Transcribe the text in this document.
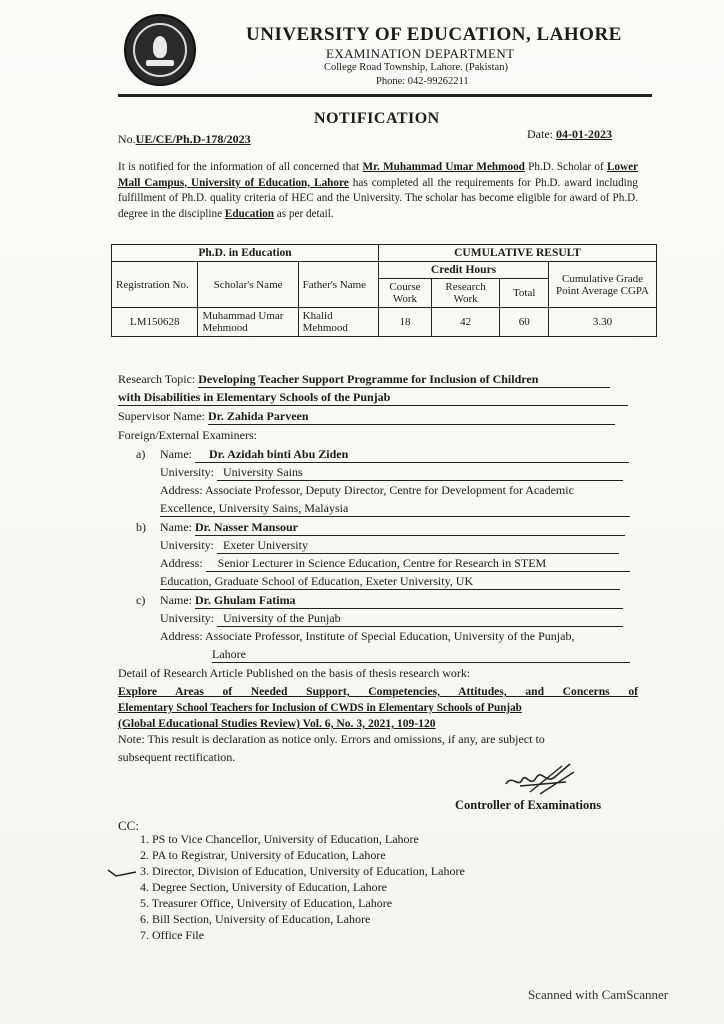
UNIVERSITY OF EDUCATION, LAHORE
EXAMINATION DEPARTMENT
College Road Township, Lahore. (Pakistan)
Phone: 042-99262211
NOTIFICATION
No.UE/CE/Ph.D-178/2023	Date: 04-01-2023
It is notified for the information of all concerned that Mr. Muhammad Umar Mehmood Ph.D. Scholar of Lower Mall Campus, University of Education, Lahore has completed all the requirements for Ph.D. award including fulfillment of Ph.D. quality criteria of HEC and the University. The scholar has become eligible for award of Ph.D. degree in the discipline Education as per detail.
Ph.D. in Education			CUMULATIVE RESULT			
Registration No.	Scholar's Name	Father's Name	Credit Hours			Cumulative Grade Point Average CGPA
			Course Work	Research Work	Total	
LM150628	Muhammad Umar Mehmood	Khalid Mehmood	18	42	60	3.30
Research Topic: Developing Teacher Support Programme for Inclusion of Children
with Disabilities in Elementary Schools of the Punjab
Supervisor Name: Dr. Zahida Parveen
Foreign/External Examiners:
a) Name: Dr. Azidah binti Abu Ziden
University: University Sains
Address: Associate Professor, Deputy Director, Centre for Development for Academic
Excellence, University Sains, Malaysia
b) Name: Dr. Nasser Mansour
University: Exeter University
Address: Senior Lecturer in Science Education, Centre for Research in STEM
Education, Graduate School of Education, Exeter University, UK
c) Name: Dr. Ghulam Fatima
University: University of the Punjab
Address: Associate Professor, Institute of Special Education, University of the Punjab,
Lahore
Detail of Research Article Published on the basis of thesis research work:
Explore Areas of Needed Support, Competencies, Attitudes, and Concerns of
Elementary School Teachers for Inclusion of CWDS in Elementary Schools of Punjab
(Global Educational Studies Review) Vol. 6, No. 3, 2021, 109-120
Note: This result is declaration as notice only. Errors and omissions, if any, are subject to
subsequent rectification.
Controller of Examinations
CC:
1. PS to Vice Chancellor, University of Education, Lahore
2. PA to Registrar, University of Education, Lahore
3. Director, Division of Education, University of Education, Lahore
4. Degree Section, University of Education, Lahore
5. Treasurer Office, University of Education, Lahore
6. Bill Section, University of Education, Lahore
7. Office File
Scanned with CamScanner
